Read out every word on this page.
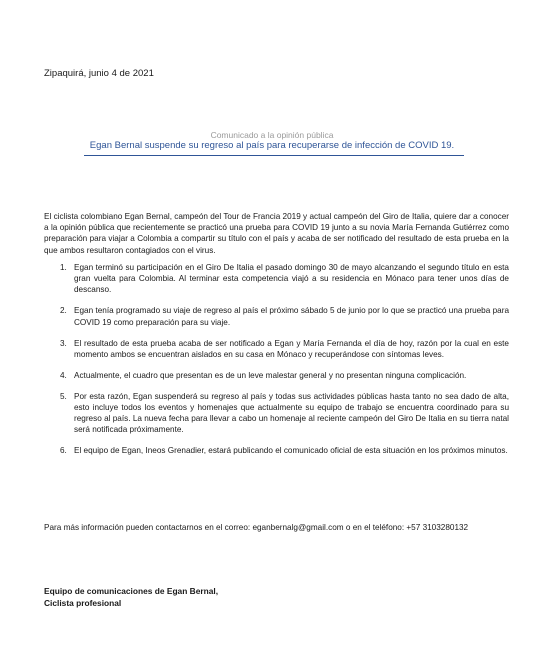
Zipaquirá, junio 4 de 2021
Comunicado a la opinión pública
Egan Bernal suspende su regreso al país para recuperarse de infección de COVID 19.

El ciclista colombiano Egan Bernal, campeón del Tour de Francia 2019 y actual campeón del Giro de Italia, quiere dar a conocer a la opinión pública que recientemente se practicó una prueba para COVID 19 junto a su novia María Fernanda Gutiérrez como preparación para viajar a Colombia a compartir su título con el país y acaba de ser notificado del resultado de esta prueba en la que ambos resultaron contagiados con el virus.

1. Egan terminó su participación en el Giro De Italia el pasado domingo 30 de mayo alcanzando el segundo título en esta gran vuelta para Colombia. Al terminar esta competencia viajó a su residencia en Mónaco para tener unos días de descanso.
2. Egan tenía programado su viaje de regreso al país el próximo sábado 5 de junio por lo que se practicó una prueba para COVID 19 como preparación para su viaje.
3. El resultado de esta prueba acaba de ser notificado a Egan y María Fernanda el día de hoy, razón por la cual en este momento ambos se encuentran aislados en su casa en Mónaco y recuperándose con síntomas leves.
4. Actualmente, el cuadro que presentan es de un leve malestar general y no presentan ninguna complicación.
5. Por esta razón, Egan suspenderá su regreso al país y todas sus actividades públicas hasta tanto no sea dado de alta, esto incluye todos los eventos y homenajes que actualmente su equipo de trabajo se encuentra coordinado para su regreso al país. La nueva fecha para llevar a cabo un homenaje al reciente campeón del Giro De Italia en su tierra natal será notificada próximamente.
6. El equipo de Egan, Ineos Grenadier, estará publicando el comunicado oficial de esta situación en los próximos minutos.
Para más información pueden contactarnos en el correo: eganbernalg@gmail.com o en el teléfono: +57 3103280132
Equipo de comunicaciones de Egan Bernal,
Ciclista profesional
